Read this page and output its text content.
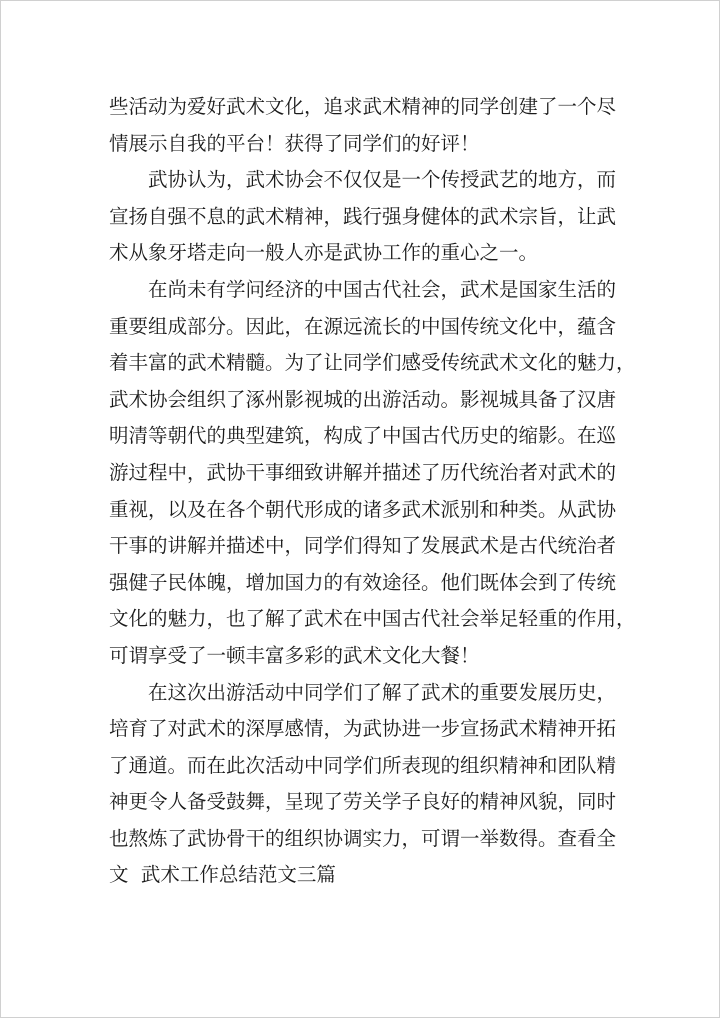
些活动为爱好武术文化，追求武术精神的同学创建了一个尽
情展示自我的平台！获得了同学们的好评！
武协认为，武术协会不仅仅是一个传授武艺的地方，而
宣扬自强不息的武术精神，践行强身健体的武术宗旨，让武
术从象牙塔走向一般人亦是武协工作的重心之一。
在尚未有学问经济的中国古代社会，武术是国家生活的
重要组成部分。因此，在源远流长的中国传统文化中，蕴含
着丰富的武术精髓。为了让同学们感受传统武术文化的魅力，
武术协会组织了涿州影视城的出游活动。影视城具备了汉唐
明清等朝代的典型建筑，构成了中国古代历史的缩影。在巡
游过程中，武协干事细致讲解并描述了历代统治者对武术的
重视，以及在各个朝代形成的诸多武术派别和种类。从武协
干事的讲解并描述中，同学们得知了发展武术是古代统治者
强健子民体魄，增加国力的有效途径。他们既体会到了传统
文化的魅力，也了解了武术在中国古代社会举足轻重的作用，
可谓享受了一顿丰富多彩的武术文化大餐！
在这次出游活动中同学们了解了武术的重要发展历史，
培育了对武术的深厚感情，为武协进一步宣扬武术精神开拓
了通道。而在此次活动中同学们所表现的组织精神和团队精
神更令人备受鼓舞，呈现了劳关学子良好的精神风貌，同时
也熬炼了武协骨干的组织协调实力，可谓一举数得。查看全
文  武术工作总结范文三篇
